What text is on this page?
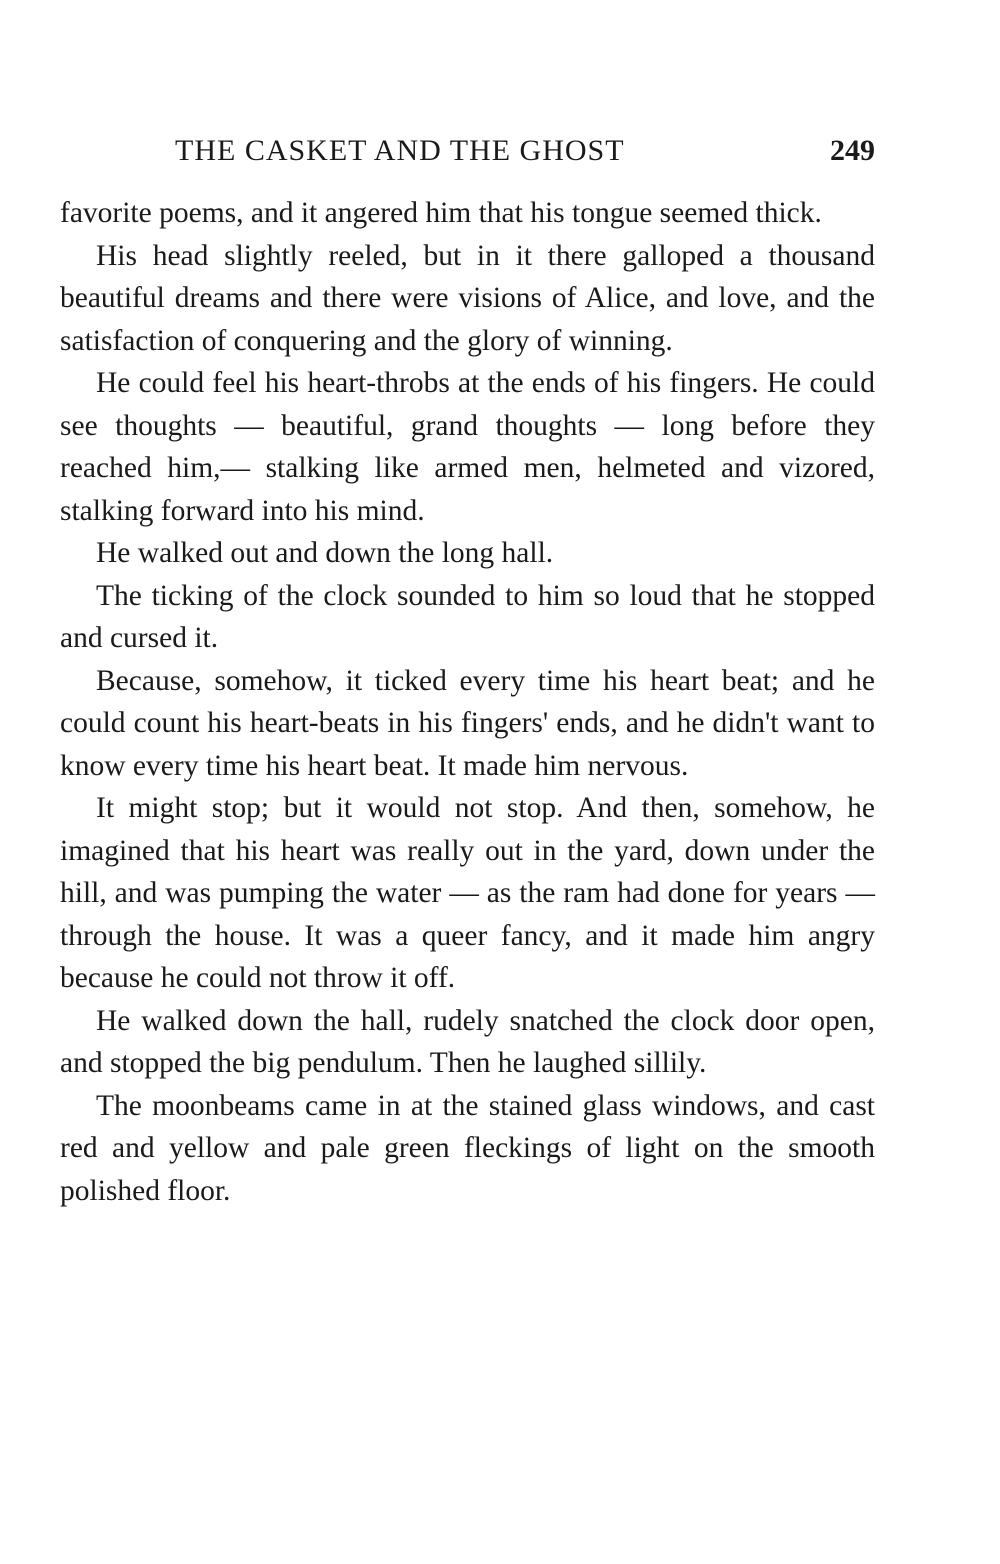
THE CASKET AND THE GHOST	249

favorite poems, and it angered him that his tongue seemed thick.

His head slightly reeled, but in it there galloped a thousand beautiful dreams and there were visions of Alice, and love, and the satisfaction of conquering and the glory of winning.

He could feel his heart-throbs at the ends of his fingers. He could see thoughts — beautiful, grand thoughts — long before they reached him,— stalking like armed men, helmeted and vizored, stalking forward into his mind.

He walked out and down the long hall.

The ticking of the clock sounded to him so loud that he stopped and cursed it.

Because, somehow, it ticked every time his heart beat; and he could count his heart-beats in his fingers' ends, and he didn't want to know every time his heart beat. It made him nervous.

It might stop; but it would not stop. And then, somehow, he imagined that his heart was really out in the yard, down under the hill, and was pumping the water — as the ram had done for years — through the house. It was a queer fancy, and it made him angry because he could not throw it off.

He walked down the hall, rudely snatched the clock door open, and stopped the big pendulum. Then he laughed sillily.

The moonbeams came in at the stained glass windows, and cast red and yellow and pale green fleckings of light on the smooth polished floor.
